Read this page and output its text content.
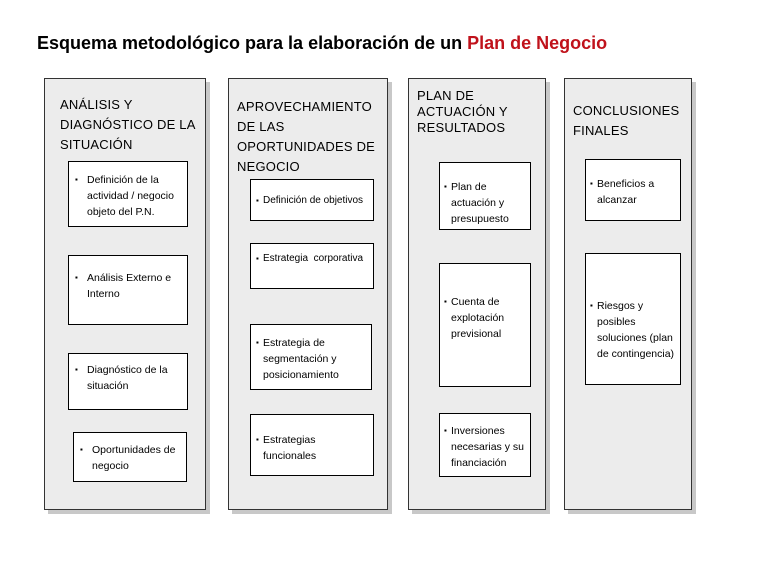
Esquema metodológico para la elaboración de un Plan de Negocio
ANÁLISIS Y DIAGNÓSTICO DE LA SITUACIÓN
▪ Definición de la actividad / negocio objeto del P.N.
▪ Análisis Externo e Interno
▪ Diagnóstico de la situación
▪ Oportunidades de negocio
APROVECHAMIENTO DE LAS OPORTUNIDADES DE NEGOCIO
▪ Definición de objetivos
▪ Estrategia  corporativa
▪ Estrategia de segmentación y posicionamiento
▪ Estrategias funcionales
PLAN DE ACTUACIÓN Y RESULTADOS
▪ Plan de actuación y presupuesto
▪ Cuenta de explotación previsional
▪ Inversiones necesarias y su financiación
CONCLUSIONES FINALES
▪ Beneficios a alcanzar
▪ Riesgos y posibles soluciones (plan de contingencia)
